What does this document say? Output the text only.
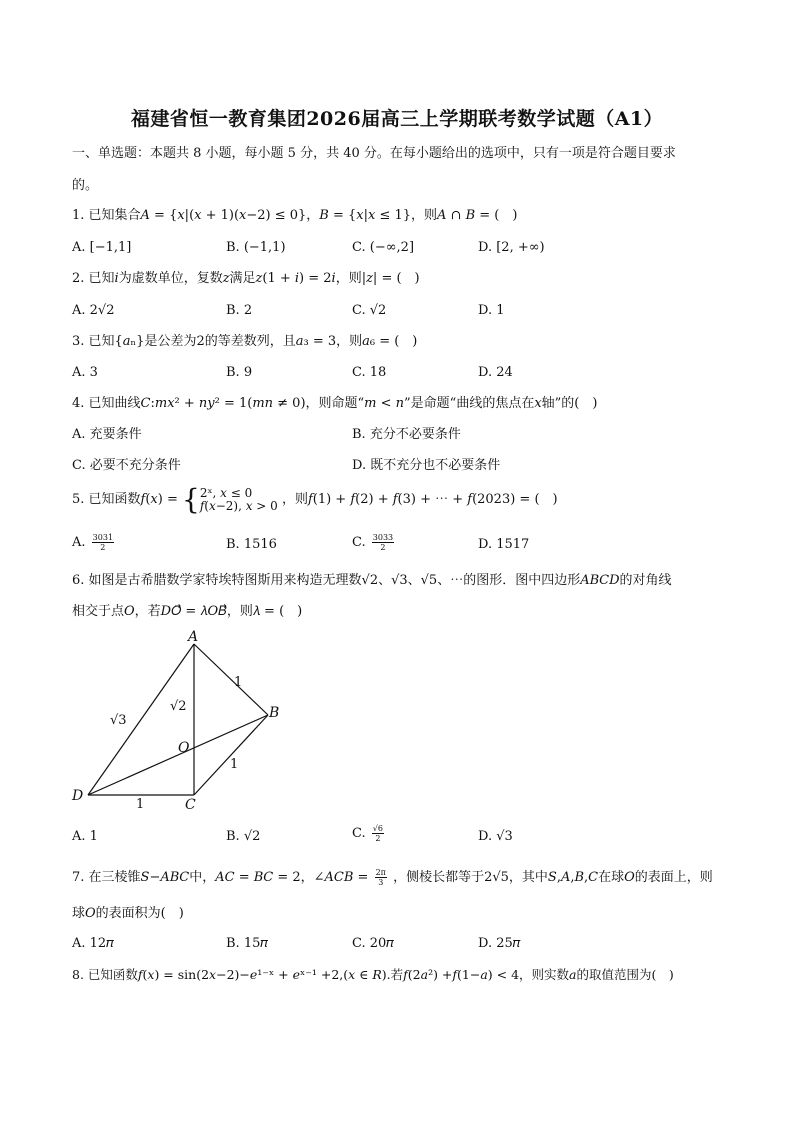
福建省恒一教育集团2026届高三上学期联考数学试题（A1）
一、单选题：本题共 8 小题，每小题 5 分，共 40 分。在每小题给出的选项中，只有一项是符合题目要求
的。
1. 已知集合𝐴 = {𝑥|(𝑥 + 1)(𝑥−2) ≤ 0}，𝐵 = {𝑥|𝑥 ≤ 1}，则𝐴 ∩ 𝐵 = (　)
A. [−1,1]	B. (−1,1)	C. (−∞,2]	D. [2, +∞)
2. 已知𝑖为虚数单位，复数𝑧满足𝑧(1 + 𝑖) = 2𝑖，则|𝑧| = (　)
A. 2√2	B. 2	C. √2	D. 1
3. 已知{𝑎ₙ}是公差为2的等差数列，且𝑎₃ = 3，则𝑎₆ = (　)
A. 3	B. 9	C. 18	D. 24
4. 已知曲线𝐶:𝑚𝑥² + 𝑛𝑦² = 1(𝑚𝑛 ≠ 0)，则命题“𝑚 < 𝑛”是命题“曲线的焦点在𝑥轴”的(　)
A. 充要条件	B. 充分不必要条件
C. 必要不充分条件	D. 既不充分也不必要条件
5. 已知函数𝑓(𝑥) = { 2ˣ, 𝑥 ≤ 0
𝑓(𝑥−2), 𝑥 > 0 ，则𝑓(1) + 𝑓(2) + 𝑓(3) + ⋯ + 𝑓(2023) = (　)
A. $\frac{3031}{2}$	B. 1516	C. $\frac{3033}{2}$	D. 1517
6. 如图是古希腊数学家特埃特图斯用来构造无理数√2、√3、√5、⋯的图形．图中四边形𝐴𝐵𝐶𝐷的对角线
相交于点𝑂，若𝐷𝑂⃗ = 𝜆𝑂𝐵⃗，则𝜆 = (　)
A
B
C
D
O
1
1
1
√3
√2
A. 1	B. √2	C. $\frac{√6}{2}$	D. √3
7. 在三棱锥𝑆−𝐴𝐵𝐶中，𝐴𝐶 = 𝐵𝐶 = 2，∠𝐴𝐶𝐵 = $\frac{2\pi}{3}$ ，侧棱长都等于2√5，其中𝑆,𝐴,𝐵,𝐶在球𝑂的表面上，则
球𝑂的表面积为(　)
A. 12𝜋	B. 15𝜋	C. 20𝜋	D. 25𝜋
8. 已知函数𝑓(𝑥) = sin(2𝑥−2)−𝑒¹⁻ˣ + 𝑒ˣ⁻¹ +2,(𝑥 ∈ 𝑅).若𝑓(2𝑎²) +𝑓(1−𝑎) < 4，则实数𝑎的取值范围为(　)
